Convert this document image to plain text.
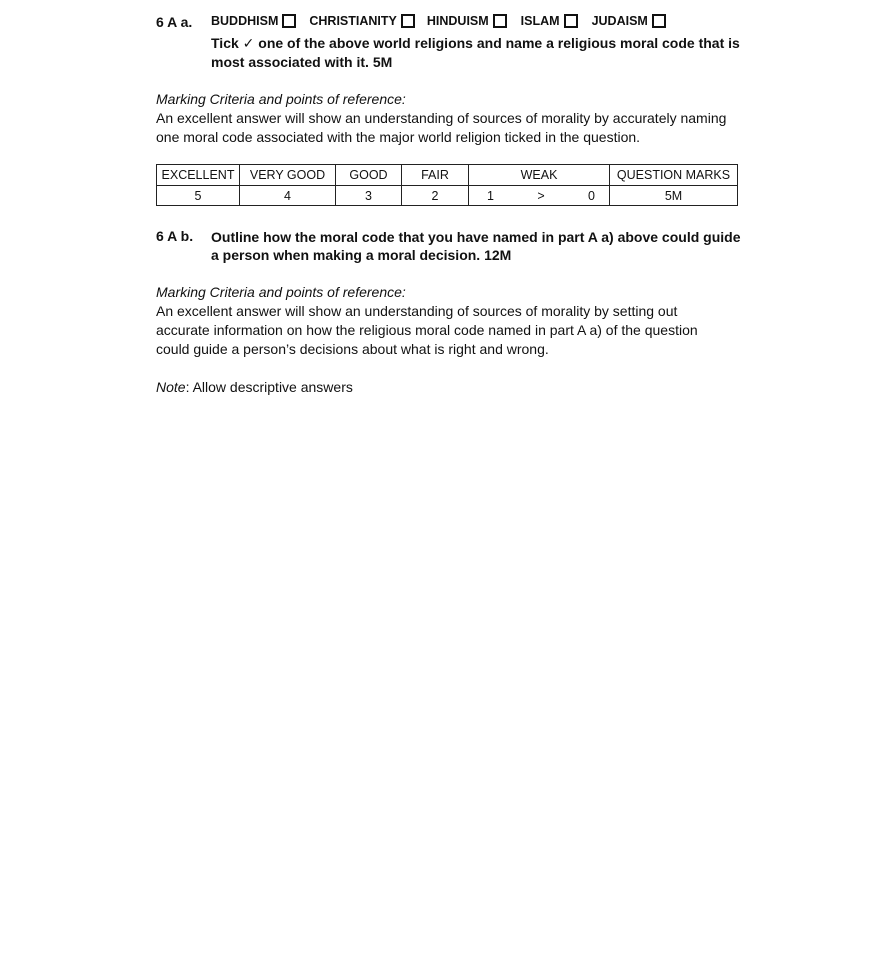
6 A a. BUDDHISM CHRISTIANITY HINDUISM	ISLAM	JUDAISM
Tick ✓ one of the above world religions and name a religious moral code that is
most associated with it. 5M
Marking Criteria and points of reference:
An excellent answer will show an understanding of sources of morality by accurately naming
one moral code associated with the major world religion ticked in the question.
EXCELLENT	VERY GOOD	GOOD	FAIR	WEAK	QUESTION MARKS
5	4	3	2	1 > 0	5M
6 A b. Outline how the moral code that you have named in part A a) above could guide
a person when making a moral decision. 12M
Marking Criteria and points of reference:
An excellent answer will show an understanding of sources of morality by setting out
accurate information on how the religious moral code named in part A a) of the question
could guide a person’s decisions about what is right and wrong.
Note: Allow descriptive answers
